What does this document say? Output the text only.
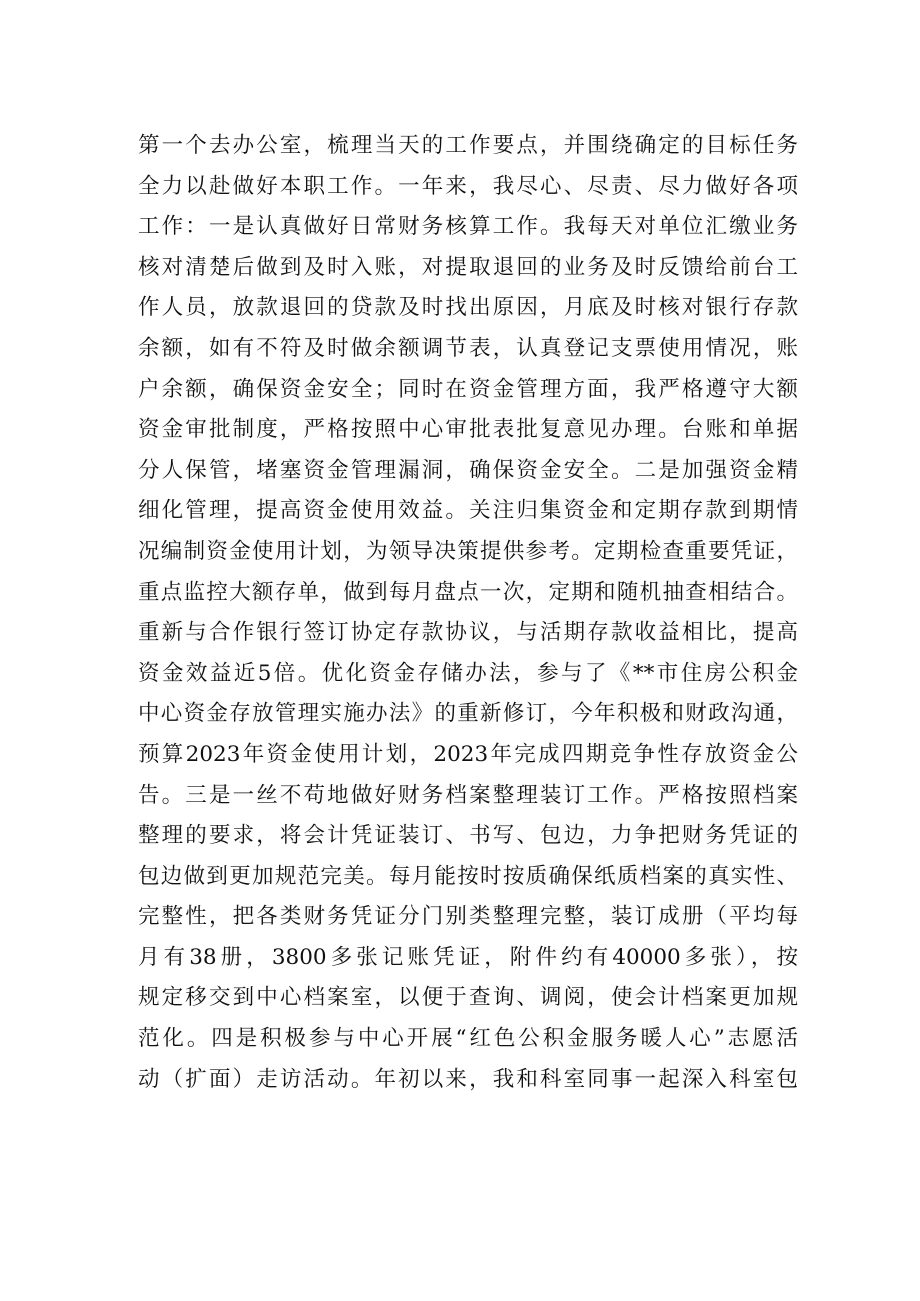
第一个去办公室，梳理当天的工作要点，并围绕确定的目标任务
全力以赴做好本职工作。一年来，我尽心、尽责、尽力做好各项
工作：一是认真做好日常财务核算工作。我每天对单位汇缴业务
核对清楚后做到及时入账，对提取退回的业务及时反馈给前台工
作人员，放款退回的贷款及时找出原因，月底及时核对银行存款
余额，如有不符及时做余额调节表，认真登记支票使用情况，账
户余额，确保资金安全；同时在资金管理方面，我严格遵守大额
资金审批制度，严格按照中心审批表批复意见办理。台账和单据
分人保管，堵塞资金管理漏洞，确保资金安全。二是加强资金精
细化管理，提高资金使用效益。关注归集资金和定期存款到期情
况编制资金使用计划，为领导决策提供参考。定期检查重要凭证，
重点监控大额存单，做到每月盘点一次，定期和随机抽查相结合。
重新与合作银行签订协定存款协议，与活期存款收益相比，提高
资金效益近5倍。优化资金存储办法，参与了《**市住房公积金
中心资金存放管理实施办法》的重新修订，今年积极和财政沟通，
预算2023年资金使用计划，2023年完成四期竞争性存放资金公
告。三是一丝不苟地做好财务档案整理装订工作。严格按照档案
整理的要求，将会计凭证装订、书写、包边，力争把财务凭证的
包边做到更加规范完美。每月能按时按质确保纸质档案的真实性、
完整性，把各类财务凭证分门别类整理完整，装订成册（平均每
月有38册，3800多张记账凭证，附件约有40000多张），按
规定移交到中心档案室，以便于查询、调阅，使会计档案更加规
范化。四是积极参与中心开展“红色公积金服务暖人心”志愿活
动（扩面）走访活动。年初以来，我和科室同事一起深入科室包
